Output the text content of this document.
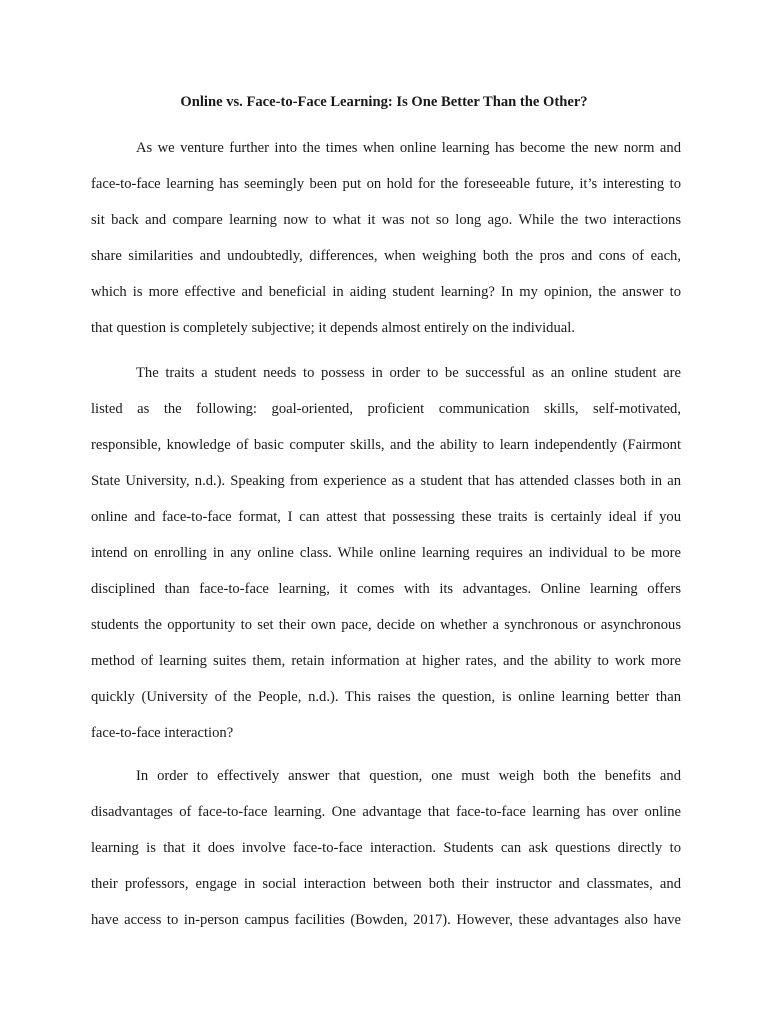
Online vs. Face-to-Face Learning: Is One Better Than the Other?
As we venture further into the times when online learning has become the new norm and
face-to-face learning has seemingly been put on hold for the foreseeable future, it’s interesting to
sit back and compare learning now to what it was not so long ago. While the two interactions
share similarities and undoubtedly, differences, when weighing both the pros and cons of each,
which is more effective and beneficial in aiding student learning? In my opinion, the answer to
that question is completely subjective; it depends almost entirely on the individual.
The traits a student needs to possess in order to be successful as an online student are
listed as the following: goal-oriented, proficient communication skills, self-motivated,
responsible, knowledge of basic computer skills, and the ability to learn independently (Fairmont
State University, n.d.). Speaking from experience as a student that has attended classes both in an
online and face-to-face format, I can attest that possessing these traits is certainly ideal if you
intend on enrolling in any online class. While online learning requires an individual to be more
disciplined than face-to-face learning, it comes with its advantages. Online learning offers
students the opportunity to set their own pace, decide on whether a synchronous or asynchronous
method of learning suites them, retain information at higher rates, and the ability to work more
quickly (University of the People, n.d.). This raises the question, is online learning better than
face-to-face interaction?
In order to effectively answer that question, one must weigh both the benefits and
disadvantages of face-to-face learning. One advantage that face-to-face learning has over online
learning is that it does involve face-to-face interaction. Students can ask questions directly to
their professors, engage in social interaction between both their instructor and classmates, and
have access to in-person campus facilities (Bowden, 2017). However, these advantages also have
